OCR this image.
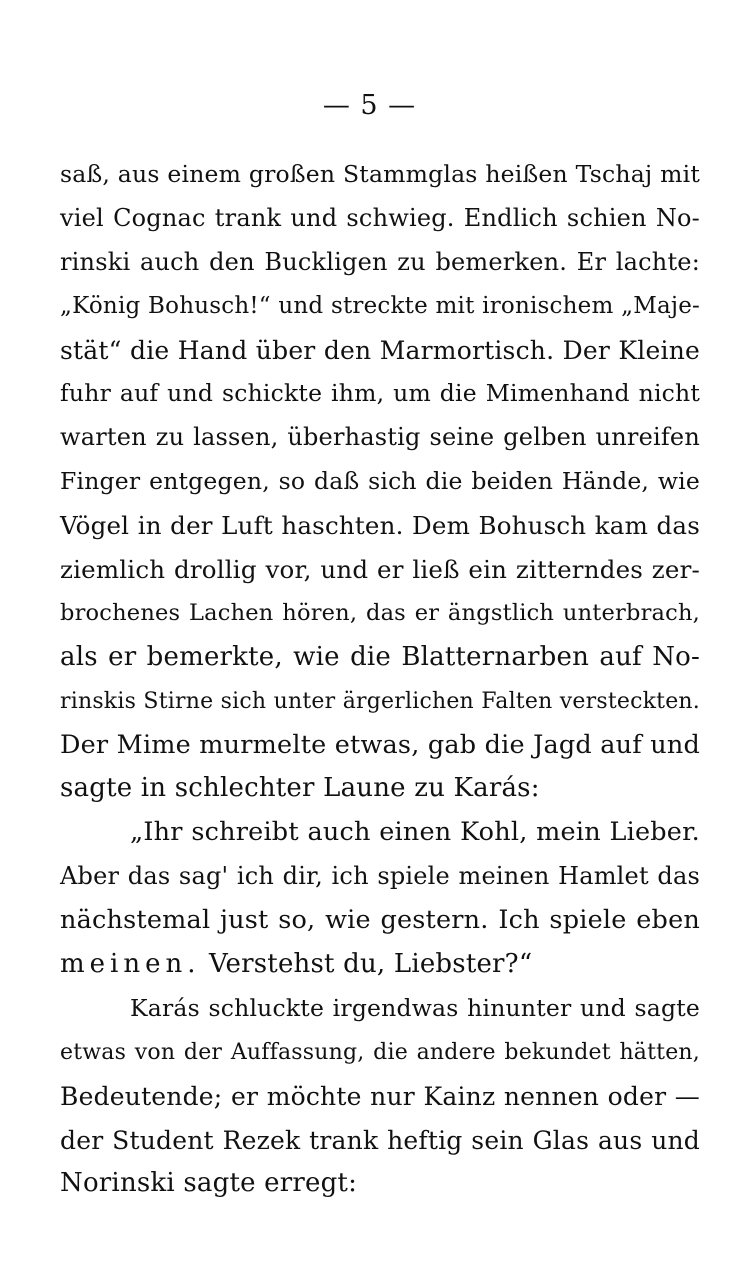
— 5 —
saß, aus einem großen Stammglas heißen Tschaj mit
viel Cognac trank und schwieg. Endlich schien No-
rinski auch den Buckligen zu bemerken. Er lachte:
„König Bohusch!“ und streckte mit ironischem „Maje-
stät“ die Hand über den Marmortisch. Der Kleine
fuhr auf und schickte ihm, um die Mimenhand nicht
warten zu lassen, überhastig seine gelben unreifen
Finger entgegen, so daß sich die beiden Hände, wie
Vögel in der Luft haschten. Dem Bohusch kam das
ziemlich drollig vor, und er ließ ein zitterndes zer-
brochenes Lachen hören, das er ängstlich unterbrach,
als er bemerkte, wie die Blatternarben auf No-
rinskis Stirne sich unter ärgerlichen Falten versteckten.
Der Mime murmelte etwas, gab die Jagd auf und
sagte in schlechter Laune zu Karás:
„Ihr schreibt auch einen Kohl, mein Lieber.
Aber das sag' ich dir, ich spiele meinen Hamlet das
nächstemal just so, wie gestern. Ich spiele eben
meinen. Verstehst du, Liebster?“
Karás schluckte irgendwas hinunter und sagte
etwas von der Auffassung, die andere bekundet hätten,
Bedeutende; er möchte nur Kainz nennen oder —
der Student Rezek trank heftig sein Glas aus und
Norinski sagte erregt:
